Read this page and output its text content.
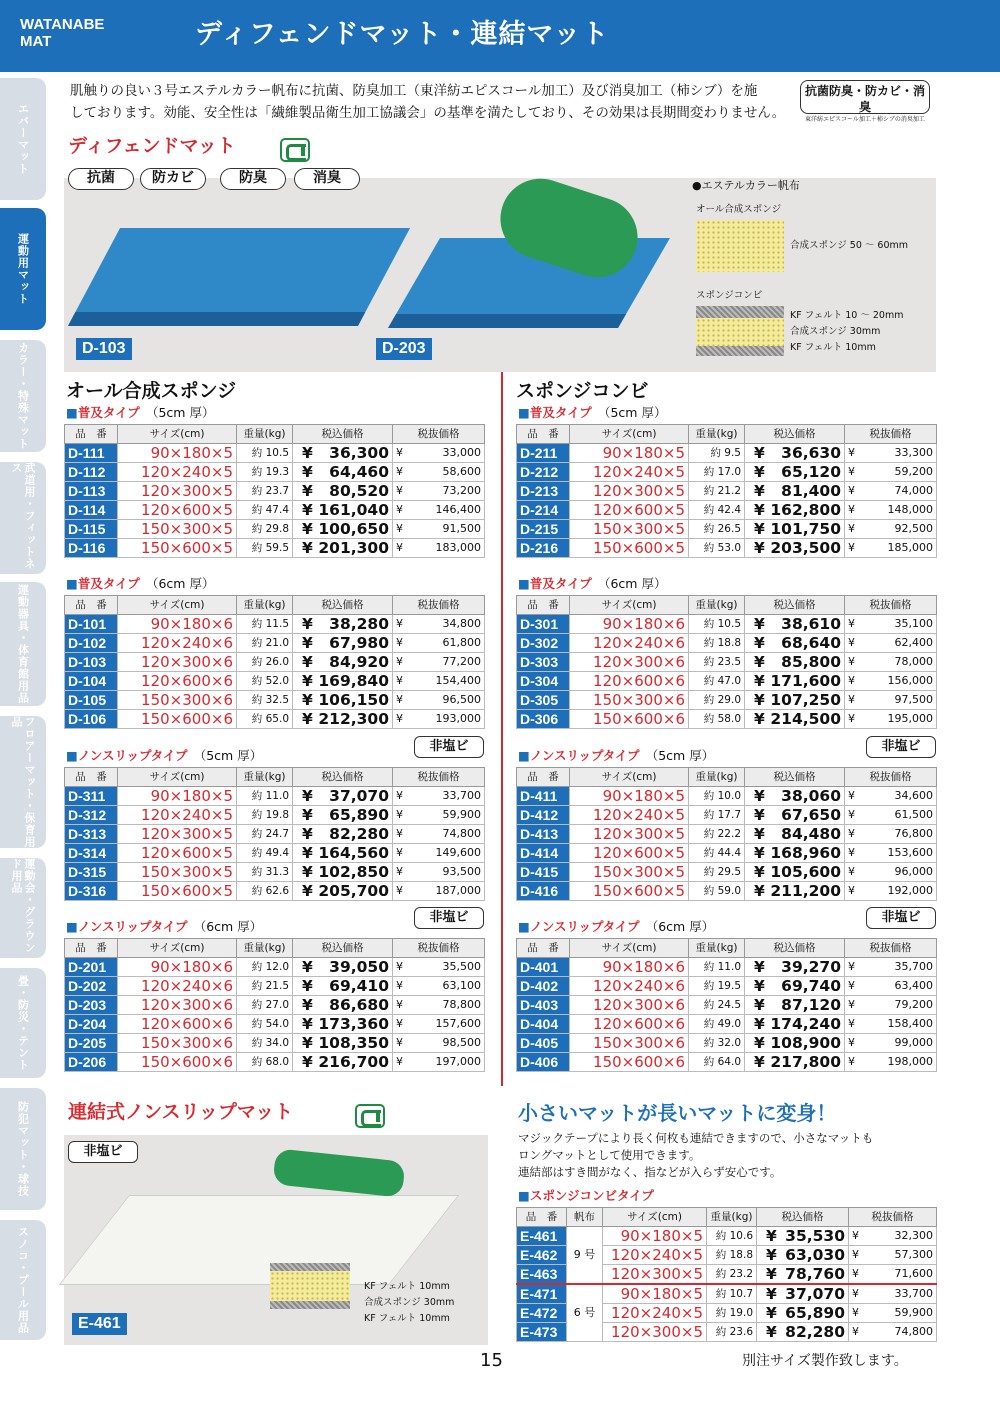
WATANABE
MAT	ディフェンドマット・連結マット
エバーマット
運動用マット
カラー・特殊マット
武道用・フィットネス
運動器具・体育館用品
フロアーマット・保育用品
運動会・グラウンド用品
畳・防災・テント
防犯マット・球技
スノコ・プール用品
肌触りの良い３号エステルカラー帆布に抗菌、防臭加工（東洋紡エピスコール加工）及び消臭加工（柿シブ）を施
しております。効能、安全性は「繊維製品衛生加工協議会」の基準を満たしており、その効果は長期間変わりません。
抗菌防臭・防カビ・消臭
東洋紡エピスコール加工＋柿シブの消臭加工
ディフェンドマット
D-103	D-203
●エステルカラー帆布
オール合成スポンジ
合成スポンジ 50 ～ 60mm
スポンジコンビ
KF フェルト 10 ～ 20mm
合成スポンジ 30mm
KF フェルト 10mm
抗菌	防カビ	防臭	消臭
オール合成スポンジ	スポンジコンビ
■普及タイプ　 （5cm 厚）
品　番	サイズ(cm)	重量(kg)	税込価格	税抜価格
D-111	90×180×5	約 10.5	¥ 36,300	¥ 33,000
D-112	120×240×5	約 19.3	¥ 64,460	¥ 58,600
D-113	120×300×5	約 23.7	¥ 80,520	¥ 73,200
D-114	120×600×5	約 47.4	¥ 161,040	¥ 146,400
D-115	150×300×5	約 29.8	¥ 100,650	¥ 91,500
D-116	150×600×5	約 59.5	¥ 201,300	¥ 183,000
■普及タイプ　 （5cm 厚）
品　番	サイズ(cm)	重量(kg)	税込価格	税抜価格
D-211	90×180×5	約 9.5	¥ 36,630	¥ 33,300
D-212	120×240×5	約 17.0	¥ 65,120	¥ 59,200
D-213	120×300×5	約 21.2	¥ 81,400	¥ 74,000
D-214	120×600×5	約 42.4	¥ 162,800	¥ 148,000
D-215	150×300×5	約 26.5	¥ 101,750	¥ 92,500
D-216	150×600×5	約 53.0	¥ 203,500	¥ 185,000
■普及タイプ　 （6cm 厚）
品　番	サイズ(cm)	重量(kg)	税込価格	税抜価格
D-101	90×180×6	約 11.5	¥ 38,280	¥ 34,800
D-102	120×240×6	約 21.0	¥ 67,980	¥ 61,800
D-103	120×300×6	約 26.0	¥ 84,920	¥ 77,200
D-104	120×600×6	約 52.0	¥ 169,840	¥ 154,400
D-105	150×300×6	約 32.5	¥ 106,150	¥ 96,500
D-106	150×600×6	約 65.0	¥ 212,300	¥ 193,000
■普及タイプ　 （6cm 厚）
品　番	サイズ(cm)	重量(kg)	税込価格	税抜価格
D-301	90×180×6	約 10.5	¥ 38,610	¥ 35,100
D-302	120×240×6	約 18.8	¥ 68,640	¥ 62,400
D-303	120×300×6	約 23.5	¥ 85,800	¥ 78,000
D-304	120×600×6	約 47.0	¥ 171,600	¥ 156,000
D-305	150×300×6	約 29.0	¥ 107,250	¥ 97,500
D-306	150×600×6	約 58.0	¥ 214,500	¥ 195,000
■ノンスリップタイプ　 （5cm 厚）
非塩ビ
品　番	サイズ(cm)	重量(kg)	税込価格	税抜価格
D-311	90×180×5	約 11.0	¥ 37,070	¥ 33,700
D-312	120×240×5	約 19.8	¥ 65,890	¥ 59,900
D-313	120×300×5	約 24.7	¥ 82,280	¥ 74,800
D-314	120×600×5	約 49.4	¥ 164,560	¥ 149,600
D-315	150×300×5	約 31.3	¥ 102,850	¥ 93,500
D-316	150×600×5	約 62.6	¥ 205,700	¥ 187,000
■ノンスリップタイプ　 （5cm 厚）
非塩ビ
品　番	サイズ(cm)	重量(kg)	税込価格	税抜価格
D-411	90×180×5	約 10.0	¥ 38,060	¥ 34,600
D-412	120×240×5	約 17.7	¥ 67,650	¥ 61,500
D-413	120×300×5	約 22.2	¥ 84,480	¥ 76,800
D-414	120×600×5	約 44.4	¥ 168,960	¥ 153,600
D-415	150×300×5	約 29.5	¥ 105,600	¥ 96,000
D-416	150×600×5	約 59.0	¥ 211,200	¥ 192,000
■ノンスリップタイプ　 （6cm 厚）
非塩ビ
品　番	サイズ(cm)	重量(kg)	税込価格	税抜価格
D-201	90×180×6	約 12.0	¥ 39,050	¥ 35,500
D-202	120×240×6	約 21.5	¥ 69,410	¥ 63,100
D-203	120×300×6	約 27.0	¥ 86,680	¥ 78,800
D-204	120×600×6	約 54.0	¥ 173,360	¥ 157,600
D-205	150×300×6	約 34.0	¥ 108,350	¥ 98,500
D-206	150×600×6	約 68.0	¥ 216,700	¥ 197,000
■ノンスリップタイプ　 （6cm 厚）
非塩ビ
品　番	サイズ(cm)	重量(kg)	税込価格	税抜価格
D-401	90×180×6	約 11.0	¥ 39,270	¥ 35,700
D-402	120×240×6	約 19.5	¥ 69,740	¥ 63,400
D-403	120×300×6	約 24.5	¥ 87,120	¥ 79,200
D-404	120×600×6	約 49.0	¥ 174,240	¥ 158,400
D-405	150×300×6	約 32.0	¥ 108,900	¥ 99,000
D-406	150×600×6	約 64.0	¥ 217,800	¥ 198,000
連結式ノンスリップマット
KF フェルト 10mm
合成スポンジ 30mm
KF フェルト 10mm
E-461
非塩ビ
小さいマットが長いマットに変身！
マジックテープにより長く何枚も連結できますので、小さなマットも
ロングマットとして使用できます。
連結部はすき間がなく、指などが入らず安心です。
■スポンジコンビタイプ
品　番	帆布	サイズ(cm)	重量(kg)	税込価格	税抜価格
E-461	9 号	90×180×5	約 10.6	¥ 35,530	¥ 32,300
E-462		120×240×5	約 18.8	¥ 63,030	¥ 57,300
E-463		120×300×5	約 23.2	¥ 78,760	¥ 71,600
E-471	6 号	90×180×5	約 10.7	¥ 37,070	¥ 33,700
E-472		120×240×5	約 19.0	¥ 65,890	¥ 59,900
E-473		120×300×5	約 23.6	¥ 82,280	¥ 74,800
15	別注サイズ製作致します。
